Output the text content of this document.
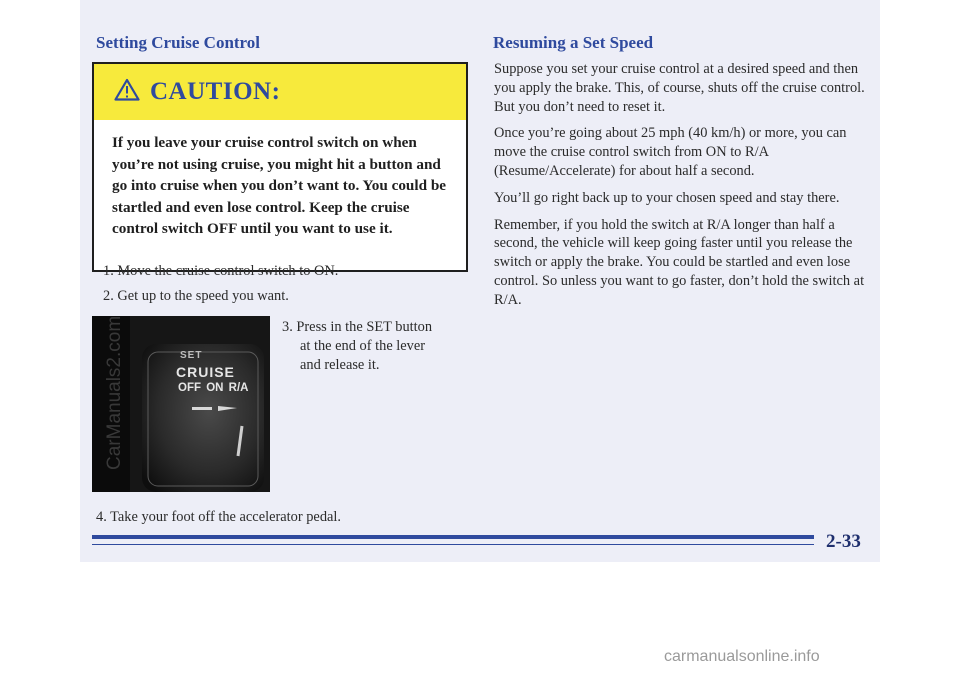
Setting Cruise Control
CAUTION:

If you leave your cruise control switch on when you’re not using cruise, you might hit a button and go into cruise when you don’t want to. You could be startled and even lose control. Keep the cruise control switch OFF until you want to use it.

1. Move the cruise control switch to ON.
2. Get up to the speed you want.
SET
CRUISE
OFF ON R/A
3. Press in the SET button
at the end of the lever
and release it.
4. Take your foot off the accelerator pedal.
Resuming a Set Speed

Suppose you set your cruise control at a desired speed and then you apply the brake. This, of course, shuts off the cruise control. But you don’t need to reset it.

Once you’re going about 25 mph (40 km/h) or more, you can move the cruise control switch from ON to R/A (Resume/Accelerate) for about half a second.

You’ll go right back up to your chosen speed and stay there.

Remember, if you hold the switch at R/A longer than half a second, the vehicle will keep going faster until you release the switch or apply the brake. You could be startled and even lose control. So unless you want to go faster, don’t hold the switch at R/A.

2-33
CarManuals2.com
carmanualsonline.info
